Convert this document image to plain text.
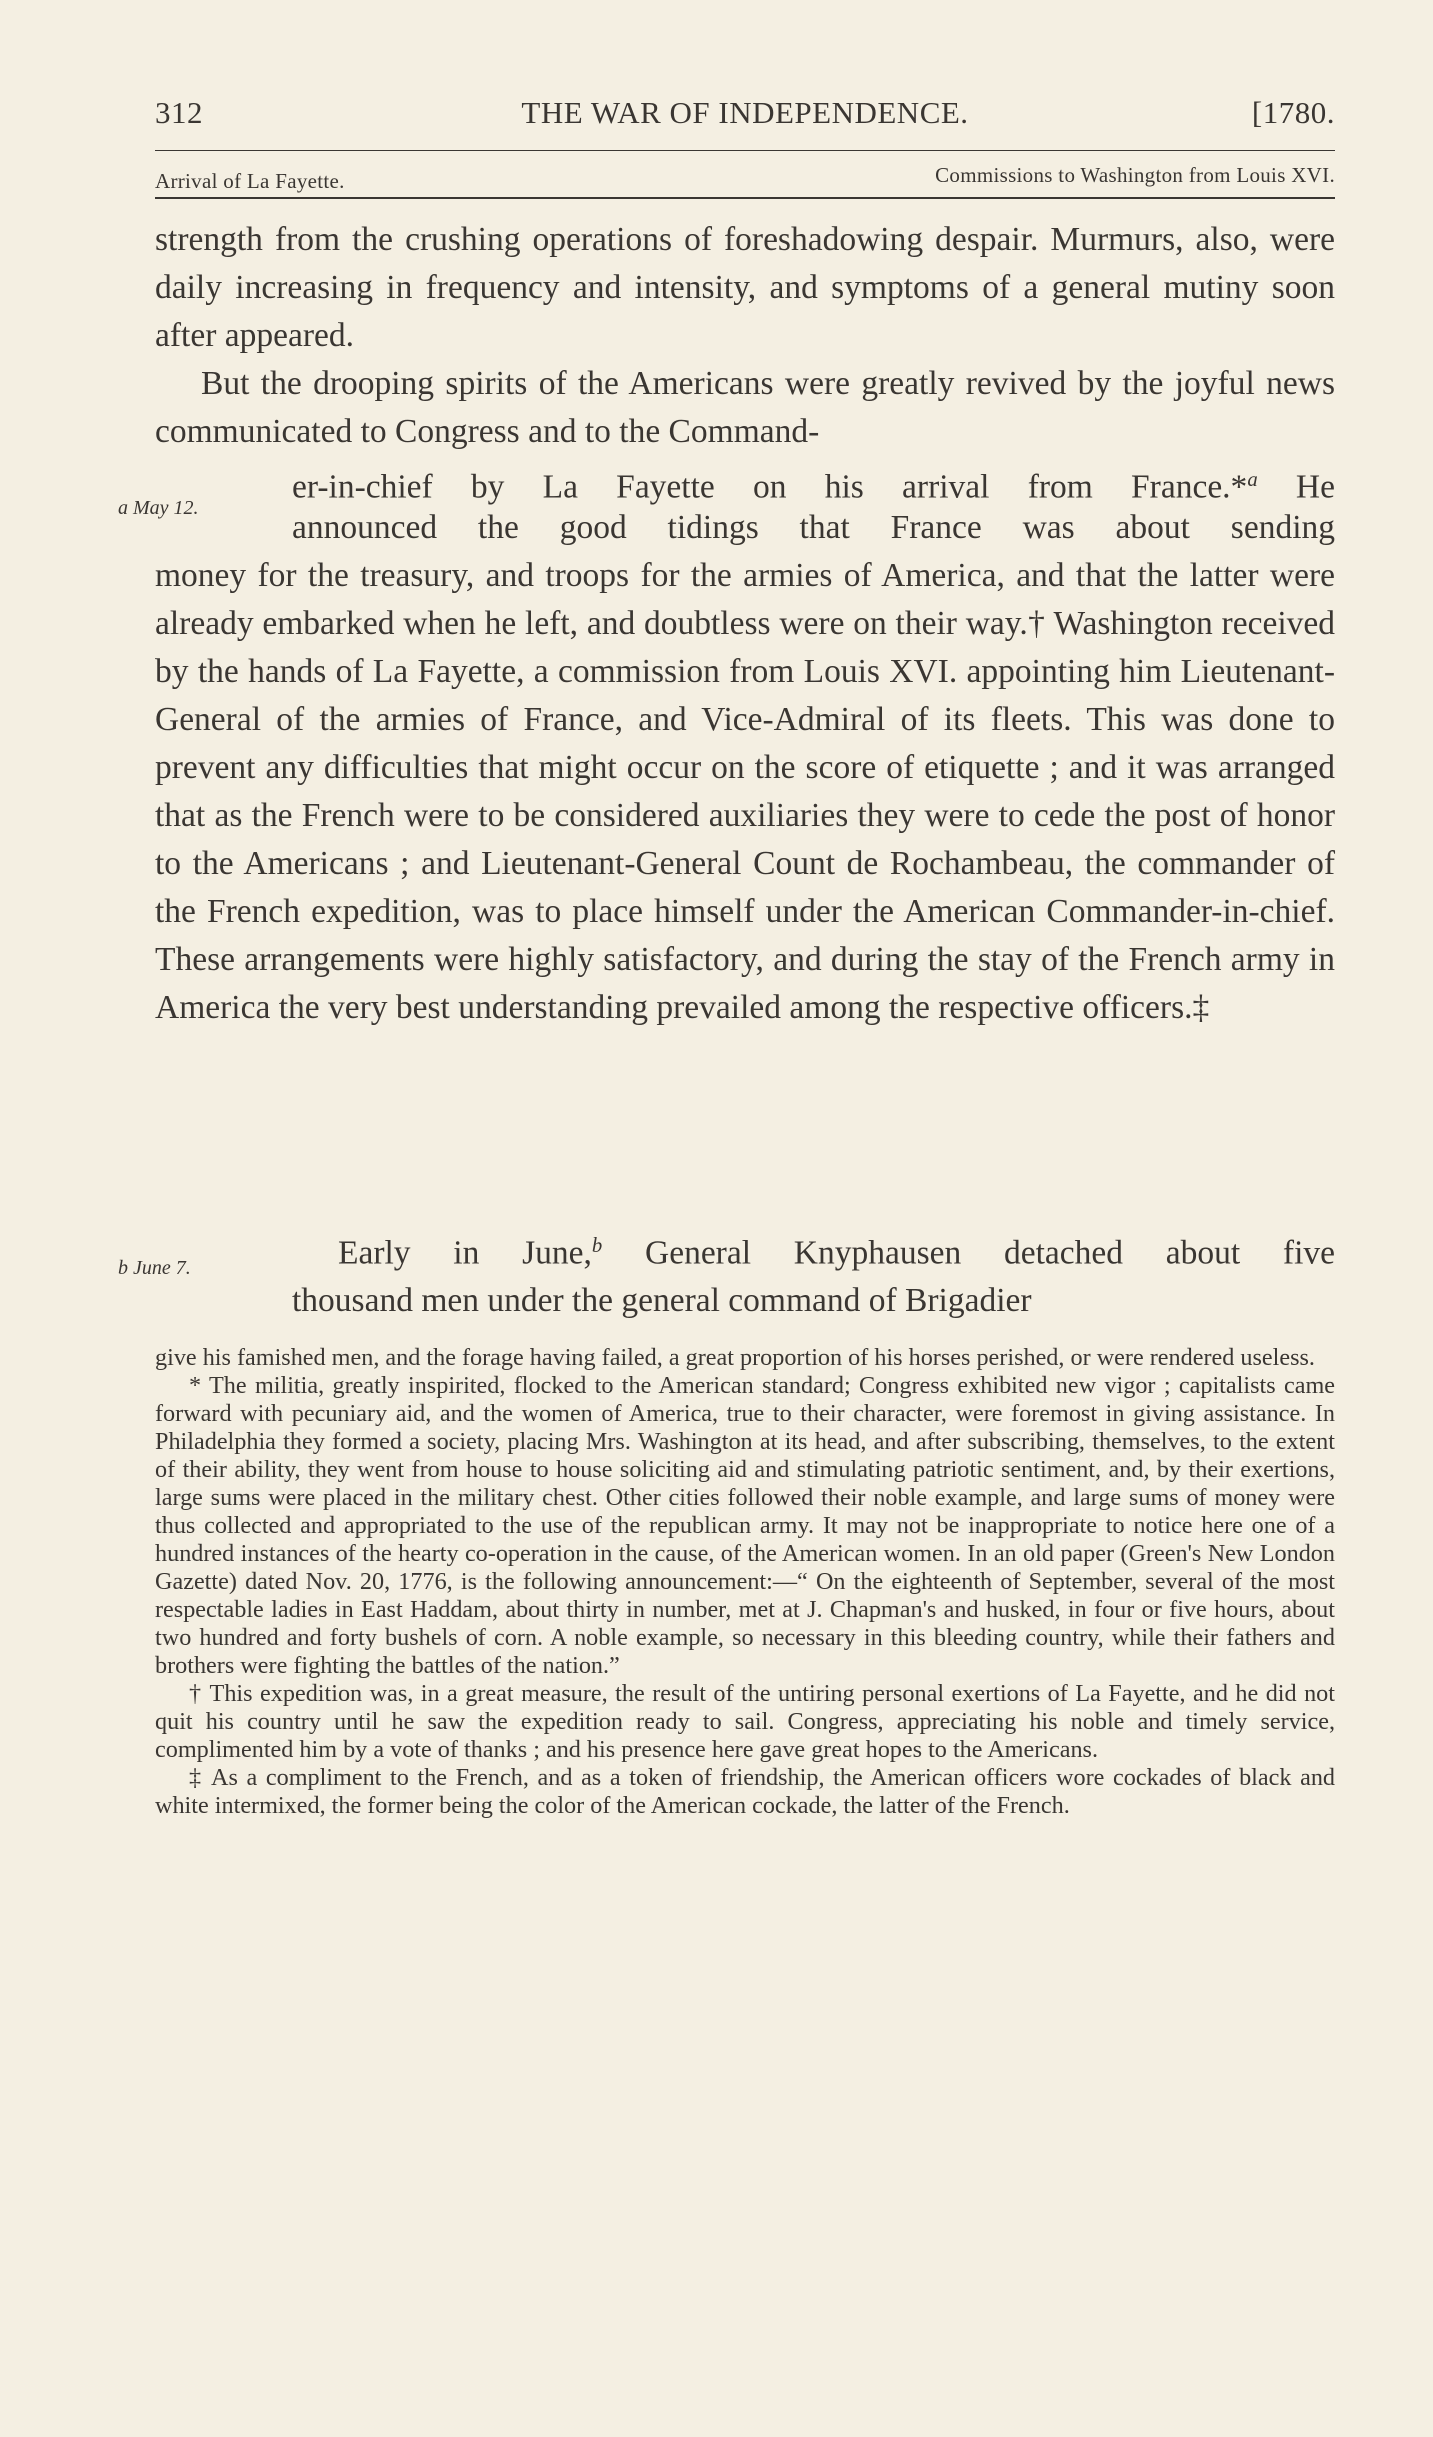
312	THE WAR OF INDEPENDENCE.	[1780.
Arrival of La Fayette.	Commissions to Washington from Louis XVI.

strength from the crushing operations of foreshadowing despair. Murmurs, also, were daily increasing in frequency and intensity, and symptoms of a general mutiny soon after appeared.

But the drooping spirits of the Americans were greatly revived by the joyful news communicated to Congress and to the Command-

er-in-chief by La Fayette on his arrival from France.*$^a$ He

a May 12.

announced the good tidings that France was about sending

money for the treasury, and troops for the armies of America, and that the latter were already embarked when he left, and doubtless were on their way.† Washington received by the hands of La Fayette, a commission from Louis XVI. appointing him Lieutenant-General of the armies of France, and Vice-Admiral of its fleets. This was done to prevent any difficulties that might occur on the score of etiquette ; and it was arranged that as the French were to be considered auxiliaries they were to cede the post of honor to the Americans ; and Lieutenant-General Count de Rochambeau, the commander of the French expedition, was to place himself under the American Commander-in-chief. These arrangements were highly satisfactory, and during the stay of the French army in America the very best understanding prevailed among the respective officers.‡

b June 7.	Early in June,$^b$ General Knyphausen detached about five

thousand men under the general command of Brigadier

give his famished men, and the forage having failed, a great proportion of his horses perished, or were rendered useless.

* The militia, greatly inspirited, flocked to the American standard; Congress exhibited new vigor ; capitalists came forward with pecuniary aid, and the women of America, true to their character, were foremost in giving assistance. In Philadelphia they formed a society, placing Mrs. Washington at its head, and after subscribing, themselves, to the extent of their ability, they went from house to house soliciting aid and stimulating patriotic sentiment, and, by their exertions, large sums were placed in the military chest. Other cities followed their noble example, and large sums of money were thus collected and appropriated to the use of the republican army. It may not be inappropriate to notice here one of a hundred instances of the hearty co-operation in the cause, of the American women. In an old paper (Green's New London Gazette) dated Nov. 20, 1776, is the following announcement:—“ On the eighteenth of September, several of the most respectable ladies in East Haddam, about thirty in number, met at J. Chapman's and husked, in four or five hours, about two hundred and forty bushels of corn. A noble example, so necessary in this bleeding country, while their fathers and brothers were fighting the battles of the nation.”

† This expedition was, in a great measure, the result of the untiring personal exertions of La Fayette, and he did not quit his country until he saw the expedition ready to sail. Congress, appreciating his noble and timely service, complimented him by a vote of thanks ; and his presence here gave great hopes to the Americans.

‡ As a compliment to the French, and as a token of friendship, the American officers wore cockades of black and white intermixed, the former being the color of the American cockade, the latter of the French.
